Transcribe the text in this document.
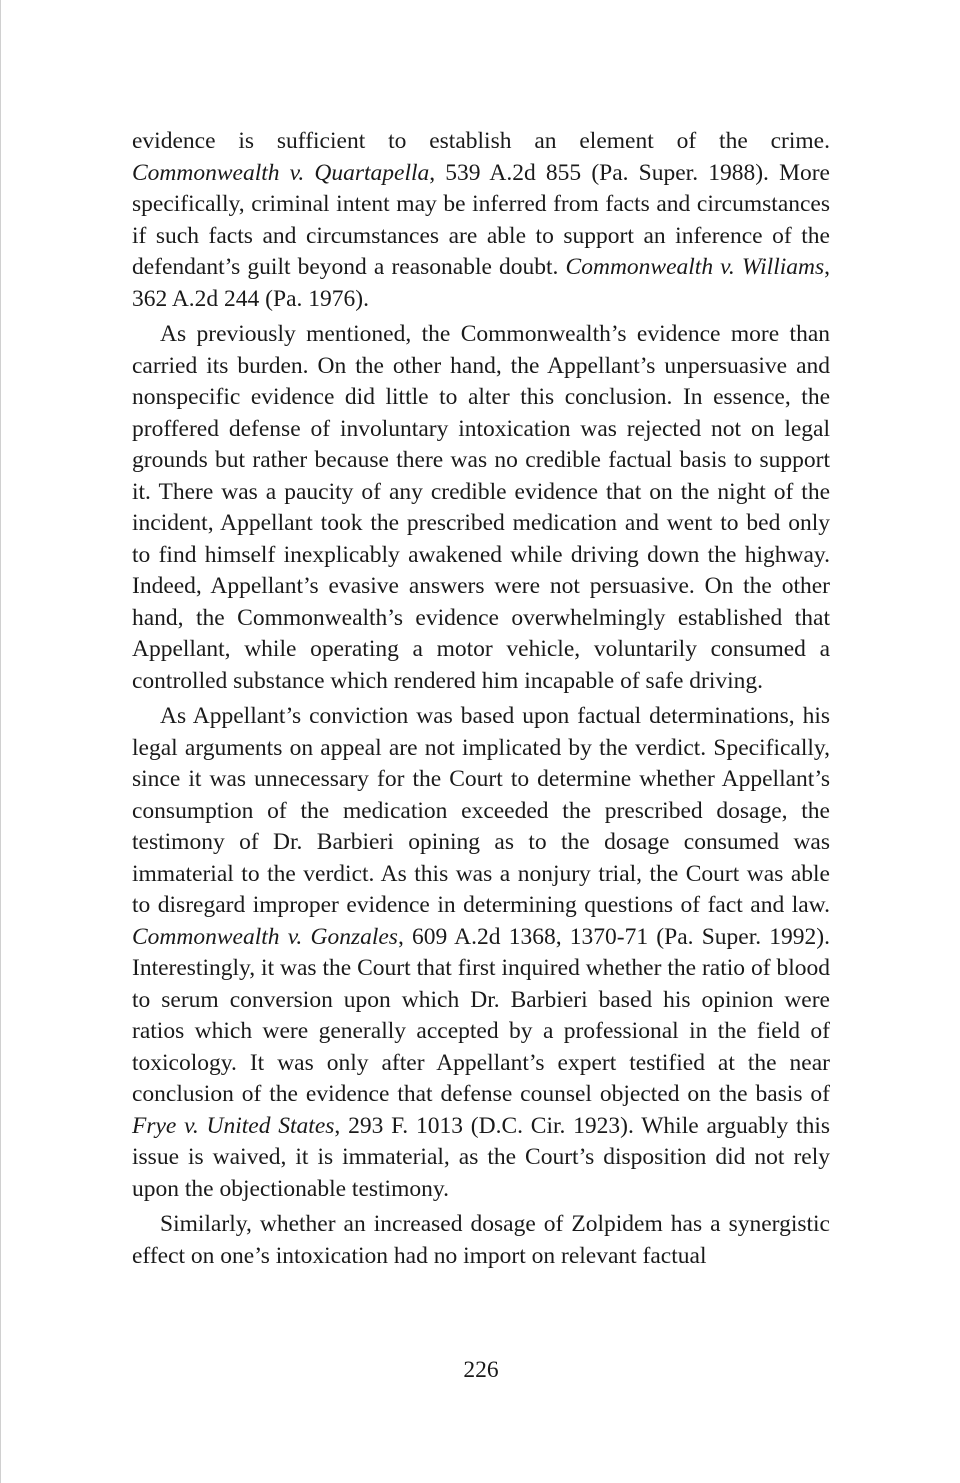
evidence is sufficient to establish an element of the crime. Commonwealth v. Quartapella, 539 A.2d 855 (Pa. Super. 1988). More specifically, criminal intent may be inferred from facts and circumstances if such facts and circumstances are able to support an inference of the defendant’s guilt beyond a reasonable doubt. Commonwealth v. Williams, 362 A.2d 244 (Pa. 1976).

As previously mentioned, the Commonwealth’s evidence more than carried its burden. On the other hand, the Appellant’s unpersuasive and nonspecific evidence did little to alter this conclusion. In essence, the proffered defense of involuntary intoxication was rejected not on legal grounds but rather because there was no credible factual basis to support it. There was a paucity of any credible evidence that on the night of the incident, Appellant took the prescribed medication and went to bed only to find himself inexplicably awakened while driving down the highway. Indeed, Appellant’s evasive answers were not persuasive. On the other hand, the Commonwealth’s evidence overwhelmingly established that Appellant, while operating a motor vehicle, voluntarily consumed a controlled substance which rendered him incapable of safe driving.

As Appellant’s conviction was based upon factual determinations, his legal arguments on appeal are not implicated by the verdict. Specifically, since it was unnecessary for the Court to determine whether Appellant’s consumption of the medication exceeded the prescribed dosage, the testimony of Dr. Barbieri opining as to the dosage consumed was immaterial to the verdict. As this was a nonjury trial, the Court was able to disregard improper evidence in determining questions of fact and law. Commonwealth v. Gonzales, 609 A.2d 1368, 1370-71 (Pa. Super. 1992). Interestingly, it was the Court that first inquired whether the ratio of blood to serum conversion upon which Dr. Barbieri based his opinion were ratios which were generally accepted by a professional in the field of toxicology. It was only after Appellant’s expert testified at the near conclusion of the evidence that defense counsel objected on the basis of Frye v. United States, 293 F. 1013 (D.C. Cir. 1923). While arguably this issue is waived, it is immaterial, as the Court’s disposition did not rely upon the objectionable testimony.

Similarly, whether an increased dosage of Zolpidem has a synergistic effect on one’s intoxication had no import on relevant factual

226
